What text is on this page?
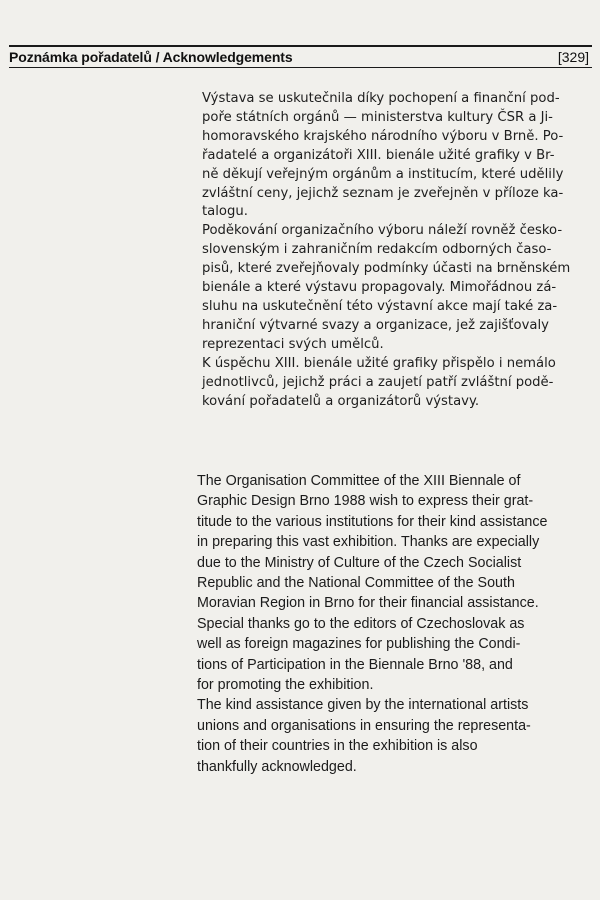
Poznámka pořadatelů / Acknowledgements	[329]
Výstava se uskutečnila díky pochopení a finanční pod-
poře státních orgánů — ministerstva kultury ČSR a Ji-
homoravského krajského národního výboru v Brně. Po-
řadatelé a organizátoři XIII. bienále užité grafiky v Br-
ně děkují veřejným orgánům a institucím, které udělily
zvláštní ceny, jejichž seznam je zveřejněn v příloze ka-
talogu.
Poděkování organizačního výboru náleží rovněž česko-
slovenským i zahraničním redakcím odborných časo-
pisů, které zveřejňovaly podmínky účasti na brněnském
bienále a které výstavu propagovaly. Mimořádnou zá-
sluhu na uskutečnění této výstavní akce mají také za-
hraniční výtvarné svazy a organizace, jež zajišťovaly
reprezentaci svých umělců.
K úspěchu XIII. bienále užité grafiky přispělo i nemálo
jednotlivců, jejichž práci a zaujetí patří zvláštní podě-
kování pořadatelů a organizátorů výstavy.
The Organisation Committee of the XIII Biennale of
Graphic Design Brno 1988 wish to express their grat-
titude to the various institutions for their kind assistance
in preparing this vast exhibition. Thanks are expecially
due to the Ministry of Culture of the Czech Socialist
Republic and the National Committee of the South
Moravian Region in Brno for their financial assistance.
Special thanks go to the editors of Czechoslovak as
well as foreign magazines for publishing the Condi-
tions of Participation in the Biennale Brno '88, and
for promoting the exhibition.
The kind assistance given by the international artists
unions and organisations in ensuring the representa-
tion of their countries in the exhibition is also
thankfully acknowledged.
